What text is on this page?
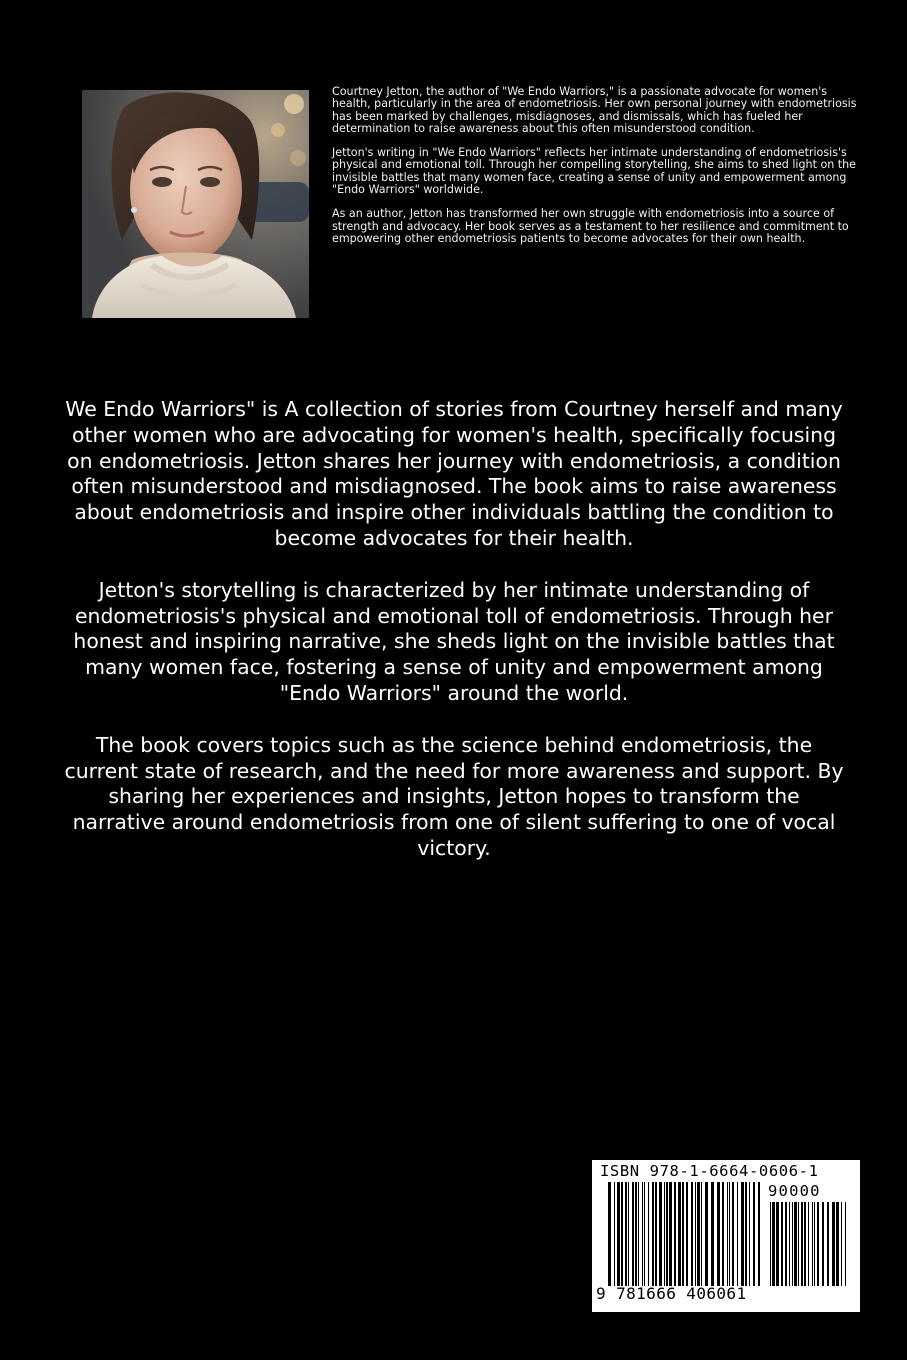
Courtney Jetton, the author of "We Endo Warriors," is a passionate advocate for women's health, particularly in the area of endometriosis. Her own personal journey with endometriosis has been marked by challenges, misdiagnoses, and dismissals, which has fueled her determination to raise awareness about this often misunderstood condition.

Jetton's writing in "We Endo Warriors" reflects her intimate understanding of endometriosis's physical and emotional toll. Through her compelling storytelling, she aims to shed light on the invisible battles that many women face, creating a sense of unity and empowerment among "Endo Warriors" worldwide.

As an author, Jetton has transformed her own struggle with endometriosis into a source of strength and advocacy. Her book serves as a testament to her resilience and commitment to empowering other endometriosis patients to become advocates for their own health.

We Endo Warriors" is A collection of stories from Courtney herself and many other women who are advocating for women's health, specifically focusing on endometriosis. Jetton shares her journey with endometriosis, a condition often misunderstood and misdiagnosed. The book aims to raise awareness about endometriosis and inspire other individuals battling the condition to become advocates for their health.

Jetton's storytelling is characterized by her intimate understanding of endometriosis's physical and emotional toll of endometriosis. Through her honest and inspiring narrative, she sheds light on the invisible battles that many women face, fostering a sense of unity and empowerment among "Endo Warriors" around the world.

The book covers topics such as the science behind endometriosis, the current state of research, and the need for more awareness and support. By sharing her experiences and insights, Jetton hopes to transform the narrative around endometriosis from one of silent suffering to one of vocal victory.

ISBN 978-1-6664-0606-1
90000
9 781666 406061
